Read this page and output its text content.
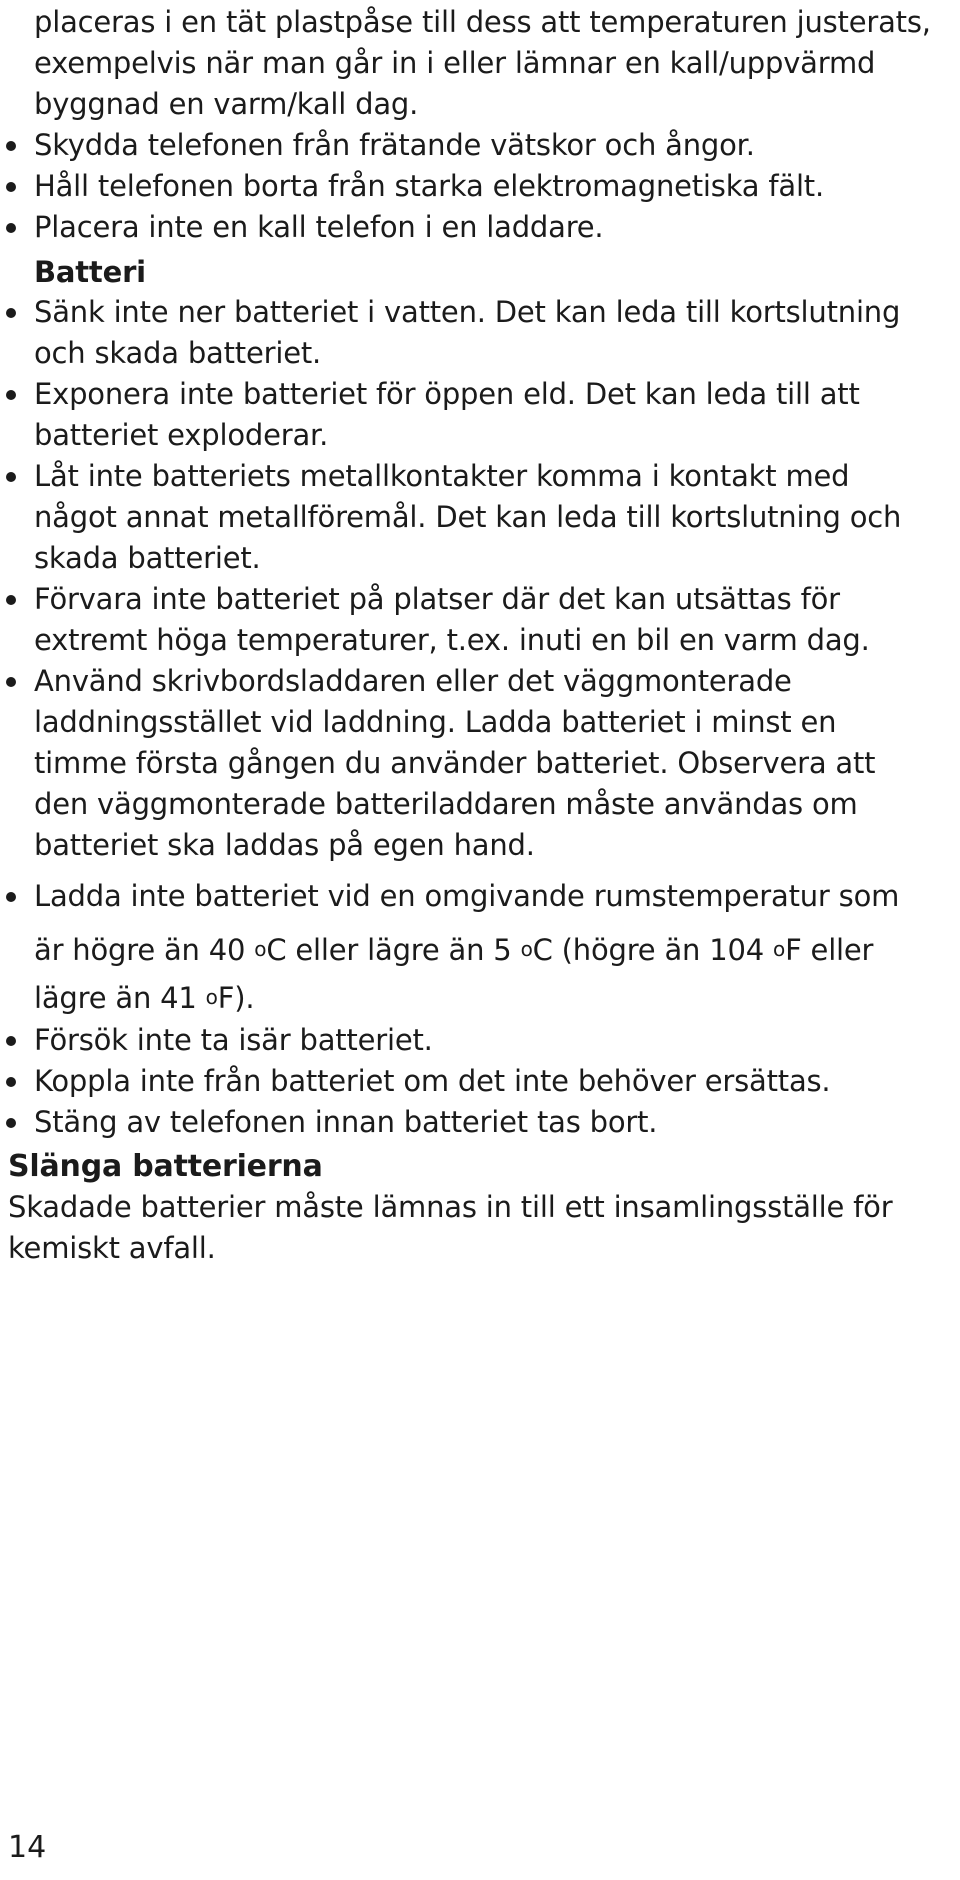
placeras i en tät plastpåse till dess att temperaturen justerats,
exempelvis när man går in i eller lämnar en kall/uppvärmd
byggnad en varm/kall dag.
Skydda telefonen från frätande vätskor och ångor.
Håll telefonen borta från starka elektromagnetiska fält.
Placera inte en kall telefon i en laddare.
Batteri
Sänk inte ner batteriet i vatten. Det kan leda till kortslutning
och skada batteriet.
Exponera inte batteriet för öppen eld. Det kan leda till att
batteriet exploderar.
Låt inte batteriets metallkontakter komma i kontakt med
något annat metallföremål. Det kan leda till kortslutning och
skada batteriet.
Förvara inte batteriet på platser där det kan utsättas för
extremt höga temperaturer, t.ex. inuti en bil en varm dag.
Använd skrivbordsladdaren eller det väggmonterade
laddningsstället vid laddning. Ladda batteriet i minst en
timme första gången du använder batteriet. Observera att
den väggmonterade batteriladdaren måste användas om
batteriet ska laddas på egen hand.
Ladda inte batteriet vid en omgivande rumstemperatur som
är högre än 40 $^o$C eller lägre än 5 $^o$C (högre än 104 $^o$F eller
lägre än 41 $^o$F).
Försök inte ta isär batteriet.
Koppla inte från batteriet om det inte behöver ersättas.
Stäng av telefonen innan batteriet tas bort.
Slänga batterierna
Skadade batterier måste lämnas in till ett insamlingsställe för
kemiskt avfall.
14
